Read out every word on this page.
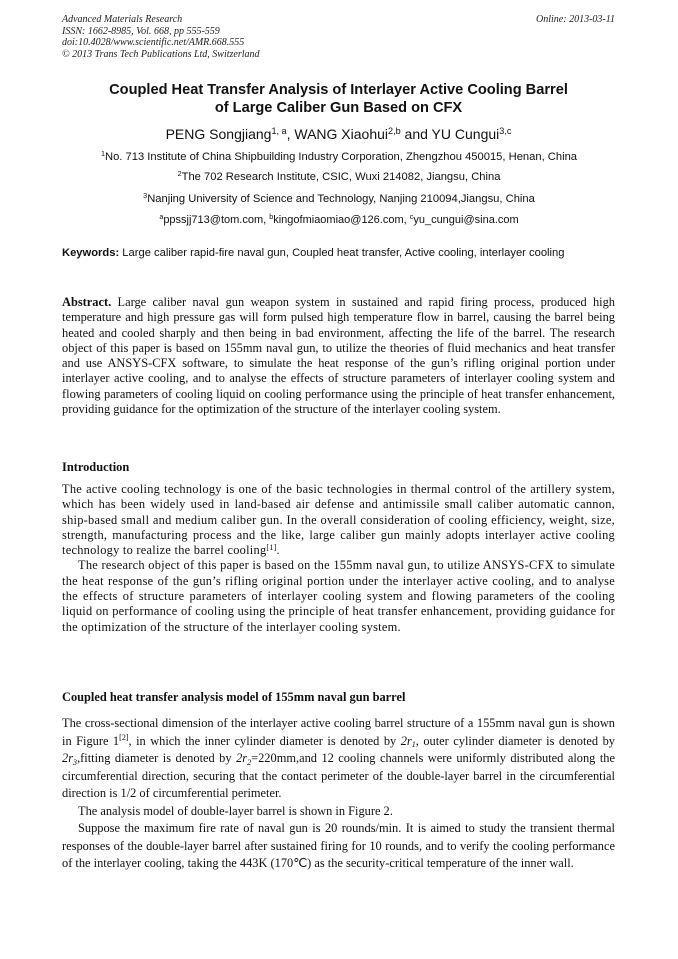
Advanced Materials Research
ISSN: 1662-8985, Vol. 668, pp 555-559
doi:10.4028/www.scientific.net/AMR.668.555
© 2013 Trans Tech Publications Ltd, Switzerland
Online: 2013-03-11
Coupled Heat Transfer Analysis of Interlayer Active Cooling Barrel
of Large Caliber Gun Based on CFX
PENG Songjiang$^{1, a}$, WANG Xiaohui$^{2,b}$ and YU Cungui$^{3,c}$
$^1$No. 713 Institute of China Shipbuilding Industry Corporation, Zhengzhou 450015, Henan, China
$^2$The 702 Research Institute, CSIC, Wuxi 214082, Jiangsu, China
$^3$Nanjing University of Science and Technology, Nanjing 210094,Jiangsu, China
$^a$ppssjj713@tom.com, $^b$kingofmiaomiao@126.com, $^c$yu_cungui@sina.com
Keywords: Large caliber rapid-fire naval gun, Coupled heat transfer, Active cooling, interlayer cooling
Abstract. Large caliber naval gun weapon system in sustained and rapid firing process, produced high temperature and high pressure gas will form pulsed high temperature flow in barrel, causing the barrel being heated and cooled sharply and then being in bad environment, affecting the life of the barrel. The research object of this paper is based on 155mm naval gun, to utilize the theories of fluid mechanics and heat transfer and use ANSYS-CFX software, to simulate the heat response of the gun’s rifling original portion under interlayer active cooling, and to analyse the effects of structure parameters of interlayer cooling system and flowing parameters of cooling liquid on cooling performance using the principle of heat transfer enhancement, providing guidance for the optimization of the structure of the interlayer cooling system.
Introduction

The active cooling technology is one of the basic technologies in thermal control of the artillery system, which has been widely used in land-based air defense and antimissile small caliber automatic cannon, ship-based small and medium caliber gun. In the overall consideration of cooling efficiency, weight, size, strength, manufacturing process and the like, large caliber gun mainly adopts interlayer active cooling technology to realize the barrel cooling[1].

The research object of this paper is based on the 155mm naval gun, to utilize ANSYS-CFX to simulate the heat response of the gun’s rifling original portion under the interlayer active cooling, and to analyse the effects of structure parameters of interlayer cooling system and flowing parameters of the cooling liquid on performance of cooling using the principle of heat transfer enhancement, providing guidance for the optimization of the structure of the interlayer cooling system.

Coupled heat transfer analysis model of 155mm naval gun barrel

The cross-sectional dimension of the interlayer active cooling barrel structure of a 155mm naval gun is shown in Figure 1[2], in which the inner cylinder diameter is denoted by $2r_1$, outer cylinder diameter is denoted by $2r_3,fitting$ diameter is denoted by $2r_2=220mm,and$ 12 cooling channels were uniformly distributed along the circumferential direction, securing that the contact perimeter of the double-layer barrel in the circumferential direction is 1/2 of circumferential perimeter.

The analysis model of double-layer barrel is shown in Figure 2.

Suppose the maximum fire rate of naval gun is 20 rounds/min. It is aimed to study the transient thermal responses of the double-layer barrel after sustained firing for 10 rounds, and to verify the cooling performance of the interlayer cooling, taking the 443K (170℃) as the security-critical temperature of the inner wall.
